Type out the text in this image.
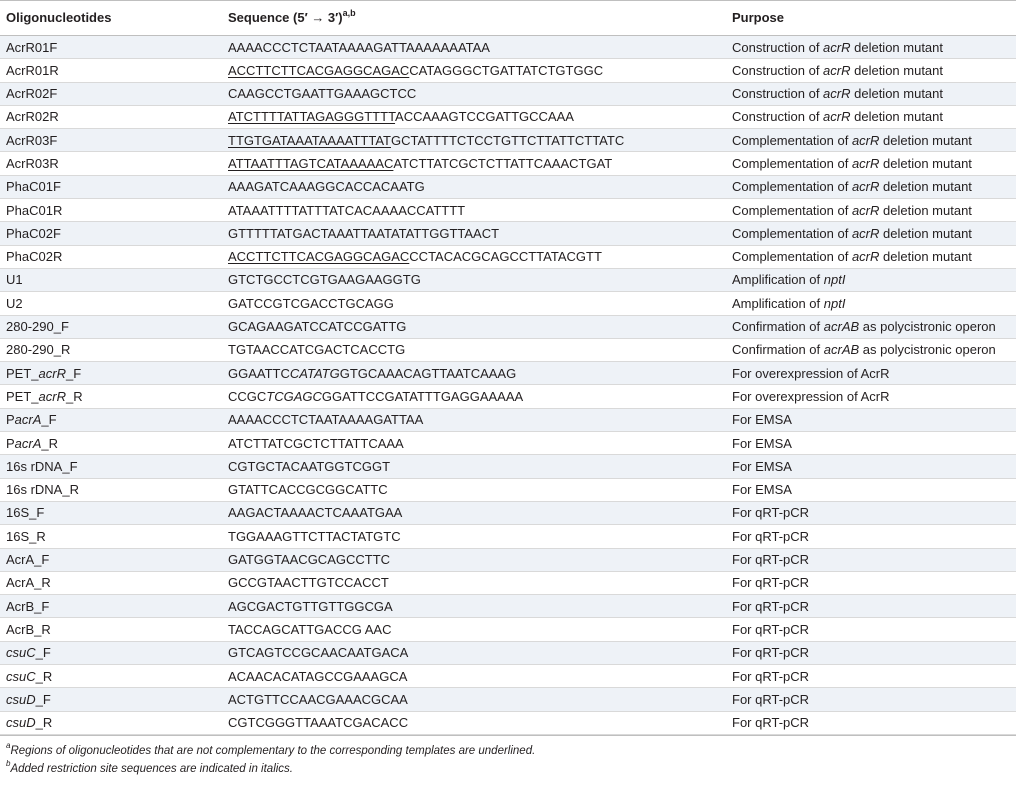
Oligonucleotides	Sequence $(5' \to 3')^{a,b}$	Purpose
AcrR01F	AAAACCCTCTAATAAAAGATTAAAAAAATAA	Construction of acrR deletion mutant
AcrR01R	ACCTTCTTCACGAGGCAGACCATAGGGCTGATTATCTGTGGC	Construction of acrR deletion mutant
AcrR02F	CAAGCCTGAATTGAAAGCTCC	Construction of acrR deletion mutant
AcrR02R	ATCTTTTATTAGAGGGTTTTACCAAAGTCCGATTGCCAAA	Construction of acrR deletion mutant
AcrR03F	TTGTGATAAATAAAATTTATGCTATTTTCTCCTGTTCTTATTCTTATC	Complementation of acrR deletion mutant
AcrR03R	ATTAATTTAGTCATAAAAACATCTTATCGCTCTTATTCAAACTGAT	Complementation of acrR deletion mutant
PhaC01F	AAAGATCAAAGGCACCACAATG	Complementation of acrR deletion mutant
PhaC01R	ATAAATTTTATTTATCACAAAACCATTTT	Complementation of acrR deletion mutant
PhaC02F	GTTTTTATGACTAAATTAATATATTGGTTAACT	Complementation of acrR deletion mutant
PhaC02R	ACCTTCTTCACGAGGCAGACCCTACACGCAGCCTTATACGTT	Complementation of acrR deletion mutant
U1	GTCTGCCTCGTGAAGAAGGTG	Amplification of nptI
U2	GATCCGTCGACCTGCAGG	Amplification of nptI
280-290_F	GCAGAAGATCCATCCGATTG	Confirmation of acrAB as polycistronic operon
280-290_R	TGTAACCATCGACTCACCTG	Confirmation of acrAB as polycistronic operon
PET_acrR_F	GGAATTCCATATGGTGCAAACAGTTAATCAAAG	For overexpression of AcrR
PET_acrR_R	CCGCTCGAGCGGATTCCGATATTTGAGGAAAAA	For overexpression of AcrR
PacrA_F	AAAACCCTCTAATAAAAGATTAA	For EMSA
PacrA_R	ATCTTATCGCTCTTATTCAAA	For EMSA
16s rDNA_F	CGTGCTACAATGGTCGGT	For EMSA
16s rDNA_R	GTATTCACCGCGGCATTC	For EMSA
16S_F	AAGACTAAAACTCAAATGAA	For qRT-pCR
16S_R	TGGAAAGTTCTTACTATGTC	For qRT-pCR
AcrA_F	GATGGTAACGCAGCCTTC	For qRT-pCR
AcrA_R	GCCGTAACTTGTCCACCT	For qRT-pCR
AcrB_F	AGCGACTGTTGTTGGCGA	For qRT-pCR
AcrB_R	TACCAGCATTGACCG AAC	For qRT-pCR
csuC_F	GTCAGTCCGCAACAATGACA	For qRT-pCR
csuC_R	ACAACACATAGCCGAAAGCA	For qRT-pCR
csuD_F	ACTGTTCCAACGAAACGCAA	For qRT-pCR
csuD_R	CGTCGGGTTAAATCGACACC	For qRT-pCR
$^a$Regions of oligonucleotides that are not complementary to the corresponding templates are underlined.
$^b$Added restriction site sequences are indicated in italics.
